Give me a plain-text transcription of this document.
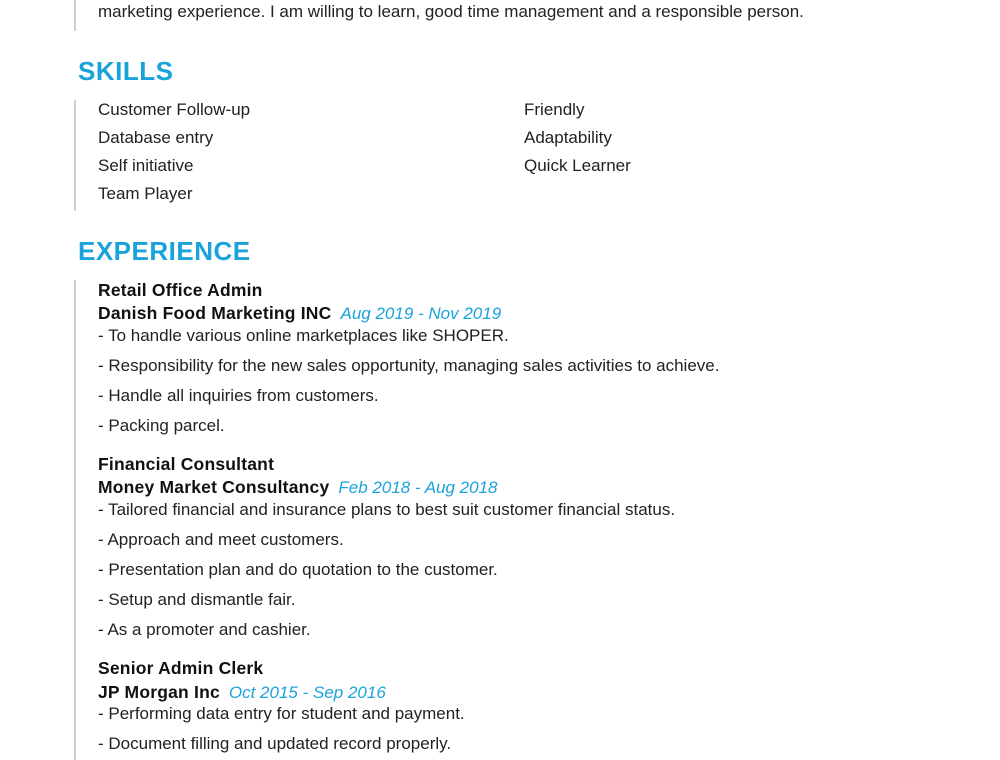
marketing experience. I am willing to learn, good time management and a responsible person.
SKILLS
Customer Follow-up
Database entry
Self initiative
Team Player
Friendly
Adaptability
Quick Learner
EXPERIENCE
Retail Office Admin
Danish Food Marketing INC Aug 2019 - Nov 2019
- To handle various online marketplaces like SHOPER.
- Responsibility for the new sales opportunity, managing sales activities to achieve.
- Handle all inquiries from customers.
- Packing parcel.
Financial Consultant
Money Market Consultancy Feb 2018 - Aug 2018
- Tailored financial and insurance plans to best suit customer financial status.
- Approach and meet customers.
- Presentation plan and do quotation to the customer.
- Setup and dismantle fair.
- As a promoter and cashier.
Senior Admin Clerk
JP Morgan Inc Oct 2015 - Sep 2016
- Performing data entry for student and payment.
- Document filling and updated record properly.
